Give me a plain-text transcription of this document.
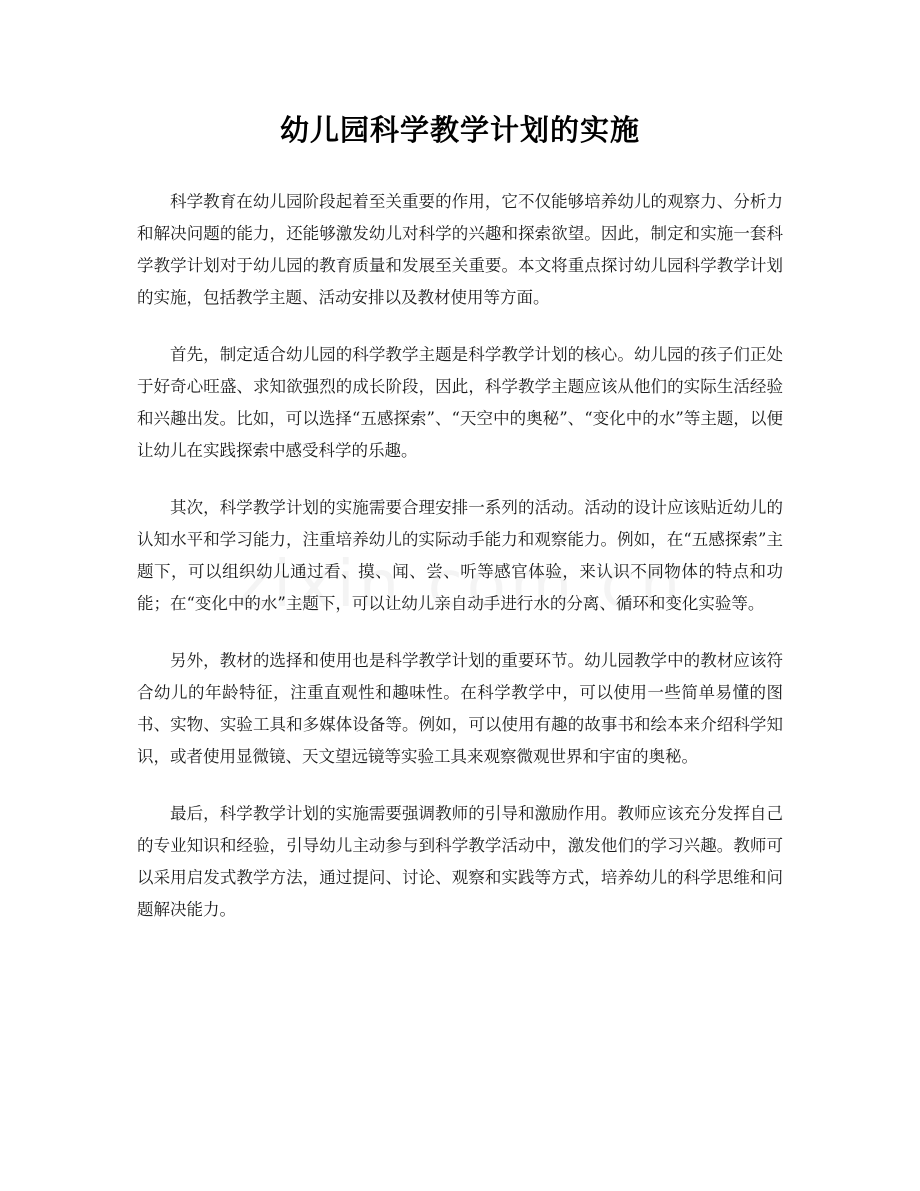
幼儿园科学教学计划的实施

科学教育在幼儿园阶段起着至关重要的作用，它不仅能够培养幼儿的观察力、分析力和解决问题的能力，还能够激发幼儿对科学的兴趣和探索欲望。因此，制定和实施一套科学教学计划对于幼儿园的教育质量和发展至关重要。本文将重点探讨幼儿园科学教学计划的实施，包括教学主题、活动安排以及教材使用等方面。

首先，制定适合幼儿园的科学教学主题是科学教学计划的核心。幼儿园的孩子们正处于好奇心旺盛、求知欲强烈的成长阶段，因此，科学教学主题应该从他们的实际生活经验和兴趣出发。比如，可以选择“五感探索”、“天空中的奥秘”、“变化中的水”等主题，以便让幼儿在实践探索中感受科学的乐趣。

其次，科学教学计划的实施需要合理安排一系列的活动。活动的设计应该贴近幼儿的认知水平和学习能力，注重培养幼儿的实际动手能力和观察能力。例如，在“五感探索”主题下，可以组织幼儿通过看、摸、闻、尝、听等感官体验，来认识不同物体的特点和功能；在“变化中的水”主题下，可以让幼儿亲自动手进行水的分离、循环和变化实验等。

另外，教材的选择和使用也是科学教学计划的重要环节。幼儿园教学中的教材应该符合幼儿的年龄特征，注重直观性和趣味性。在科学教学中，可以使用一些简单易懂的图书、实物、实验工具和多媒体设备等。例如，可以使用有趣的故事书和绘本来介绍科学知识，或者使用显微镜、天文望远镜等实验工具来观察微观世界和宇宙的奥秘。

最后，科学教学计划的实施需要强调教师的引导和激励作用。教师应该充分发挥自己的专业知识和经验，引导幼儿主动参与到科学教学活动中，激发他们的学习兴趣。教师可以采用启发式教学方法，通过提问、讨论、观察和实践等方式，培养幼儿的科学思维和问题解决能力。
